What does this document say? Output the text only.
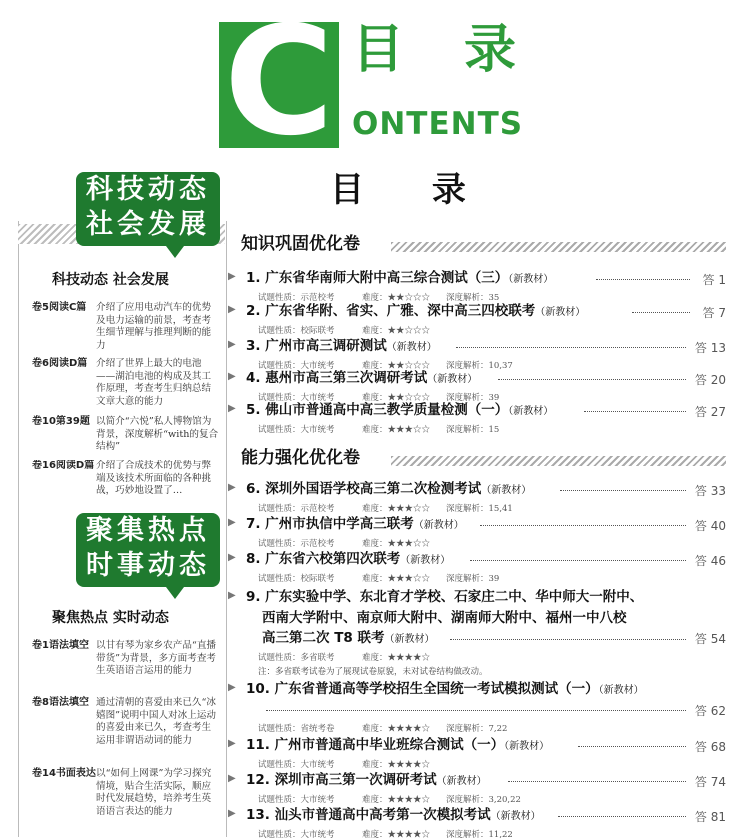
C 目录
ONTENTS
目 录
科技动态
社会发展
科技动态 社会发展
卷5阅读C篇	介绍了应用电动汽车的优势及电力运输的前景，考查考生细节理解与推理判断的能力
卷6阅读D篇 介绍了世界上最大的电池——湖泊电池的构成及其工作原理，考查考生归纳总结文章大意的能力
卷10第39题 以简介“六悦”私人博物馆为背景，深度解析“with的复合结构”
卷16阅读D篇 介绍了合成技术的优势与弊端及该技术所面临的各种挑战，巧妙地设置了…
聚集热点
时事动态
聚焦热点 实时动态
卷1语法填空 以甘有琴为家乡农产品“直播带货”为背景，多方面考查考生英语语言运用的能力
卷8语法填空 通过清朝的喜爱由来已久“冰嬉图”说明中国人对冰上运动的喜爱由来已久，考查考生运用非谓语动词的能力
卷14书面表达 以“如何上网课”为学习探究情境，贴合生活实际，顺应时代发展趋势，培养考生英语语言表达的能力
知识巩固优化卷
▶ 1. 广东省华南师大附中高三综合测试（三）（新教材）	答 1
试题性质：示范校考	难度：★★☆☆☆ 深度解析：35
▶ 2. 广东省华附、省实、广雅、深中高三四校联考（新教材）	答 7
试题性质：校际联考	难度：★★☆☆☆
▶ 3. 广州市高三调研测试（新教材）	答 13
试题性质：大市统考	难度：★★☆☆☆ 深度解析：10,37
▶ 4. 惠州市高三第三次调研考试（新教材）	答 20
试题性质：大市统考	难度：★★☆☆☆ 深度解析：39
▶ 5. 佛山市普通高中高三教学质量检测（一）（新教材）	答 27
试题性质：大市统考	难度：★★★☆☆ 深度解析：15
能力强化优化卷
▶ 6. 深圳外国语学校高三第二次检测考试（新教材）	答 33
试题性质：示范校考	难度：★★★☆☆ 深度解析：15,41
▶ 7. 广州市执信中学高三联考（新教材）	答 40
试题性质：示范校考	难度：★★★☆☆
▶ 8. 广东省六校第四次联考（新教材）	答 46
试题性质：校际联考	难度：★★★☆☆ 深度解析：39
▶ 9. 广东实验中学、东北育才学校、石家庄二中、华中师大一附中、
西南大学附中、南京师大附中、湖南师大附中、福州一中八校
高三第二次 T8 联考（新教材）	答 54
试题性质：多省联考	难度：★★★★☆
注：多省联考试卷为了展现试卷原貌，未对试卷结构做改动。
▶ 10. 广东省普通高等学校招生全国统一考试模拟测试（一）（新教材）
答 62
试题性质：省统考卷	难度：★★★★☆ 深度解析：7,22
▶ 11. 广州市普通高中毕业班综合测试（一）（新教材）	答 68
试题性质：大市统考	难度：★★★★☆
▶ 12. 深圳市高三第一次调研考试（新教材）	答 74
试题性质：大市统考	难度：★★★★☆ 深度解析：3,20,22
▶ 13. 汕头市普通高中高考第一次模拟考试（新教材）	答 81
试题性质：大市统考	难度：★★★★☆ 深度解析：11,22
